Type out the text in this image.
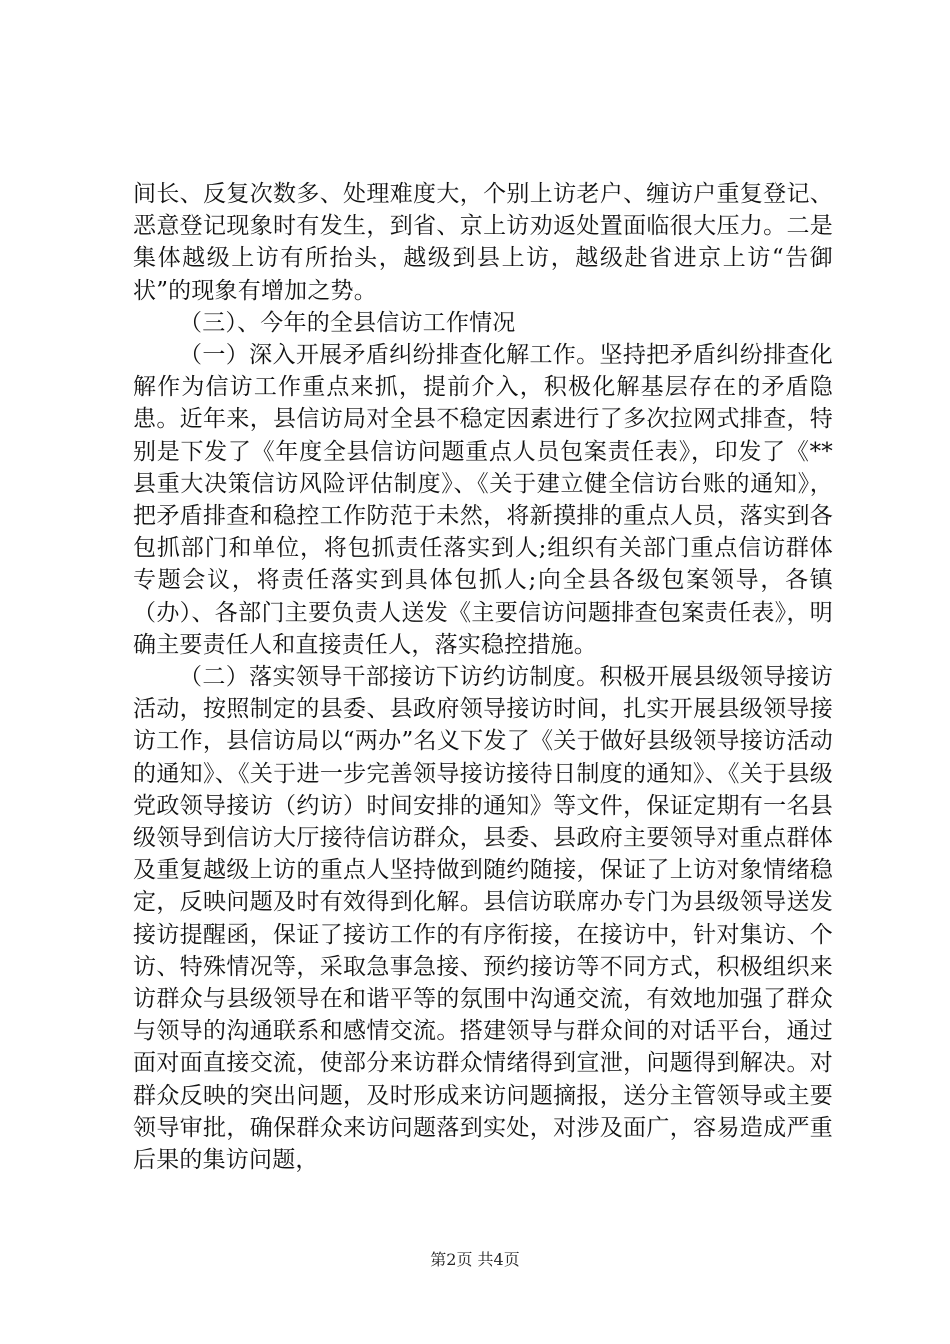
间长、反复次数多、处理难度大，个别上访老户、缠访户重复登记、恶意登记现象时有发生，到省、京上访劝返处置面临很大压力。二是集体越级上访有所抬头，越级到县上访，越级赴省进京上访“告御状”的现象有增加之势。

（三）、今年的全县信访工作情况

（一）深入开展矛盾纠纷排查化解工作。坚持把矛盾纠纷排查化解作为信访工作重点来抓，提前介入，积极化解基层存在的矛盾隐患。近年来，县信访局对全县不稳定因素进行了多次拉网式排查，特别是下发了《年度全县信访问题重点人员包案责任表》，印发了《**县重大决策信访风险评估制度》、《关于建立健全信访台账的通知》，把矛盾排查和稳控工作防范于未然，将新摸排的重点人员，落实到各包抓部门和单位，将包抓责任落实到人;组织有关部门重点信访群体专题会议，将责任落实到具体包抓人;向全县各级包案领导，各镇（办）、各部门主要负责人送发《主要信访问题排查包案责任表》，明确主要责任人和直接责任人，落实稳控措施。

（二）落实领导干部接访下访约访制度。积极开展县级领导接访活动，按照制定的县委、县政府领导接访时间，扎实开展县级领导接访工作，县信访局以“两办”名义下发了《关于做好县级领导接访活动的通知》、《关于进一步完善领导接访接待日制度的通知》、《关于县级党政领导接访（约访）时间安排的通知》等文件，保证定期有一名县级领导到信访大厅接待信访群众，县委、县政府主要领导对重点群体及重复越级上访的重点人坚持做到随约随接，保证了上访对象情绪稳定，反映问题及时有效得到化解。县信访联席办专门为县级领导送发接访提醒函，保证了接访工作的有序衔接，在接访中，针对集访、个访、特殊情况等，采取急事急接、预约接访等不同方式，积极组织来访群众与县级领导在和谐平等的氛围中沟通交流，有效地加强了群众与领导的沟通联系和感情交流。搭建领导与群众间的对话平台，通过面对面直接交流，使部分来访群众情绪得到宣泄，问题得到解决。对群众反映的突出问题，及时形成来访问题摘报，送分主管领导或主要领导审批，确保群众来访问题落到实处，对涉及面广，容易造成严重后果的集访问题，

第2页 共4页
